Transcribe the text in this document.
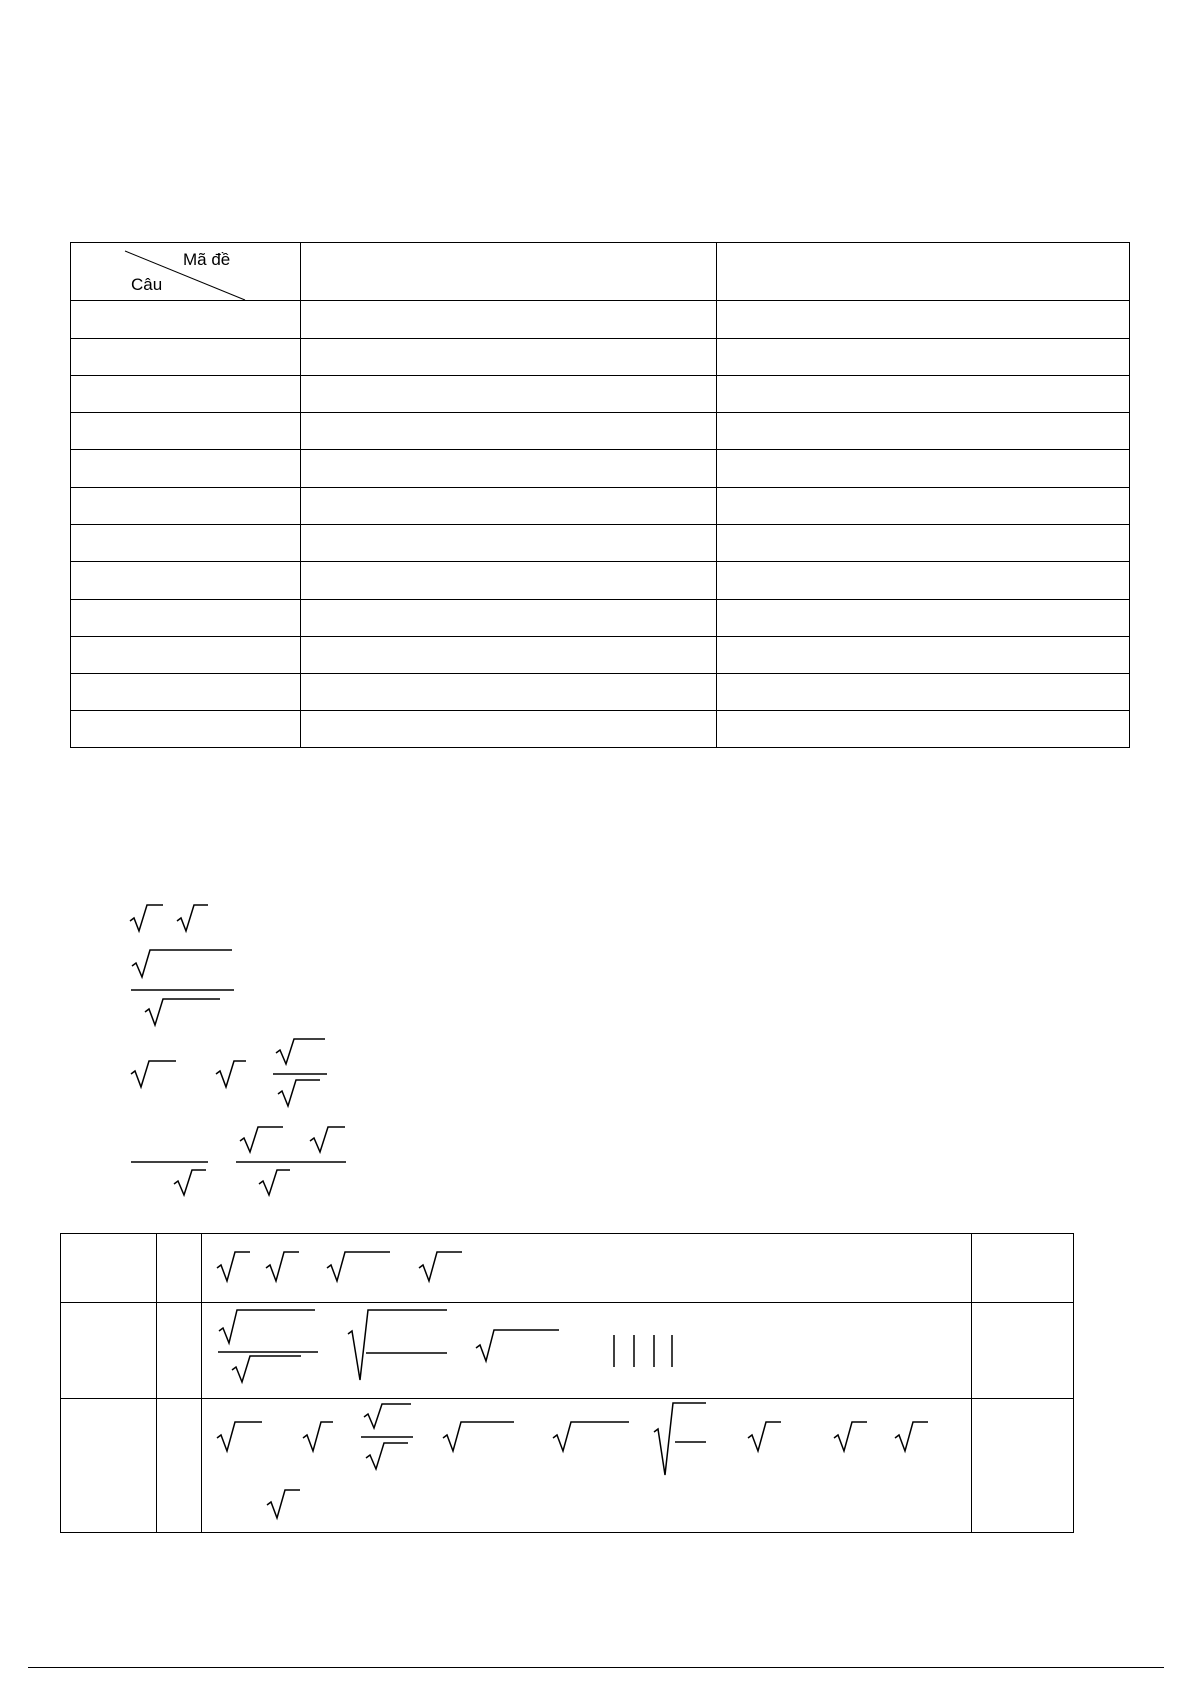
Mã đề
Câu
